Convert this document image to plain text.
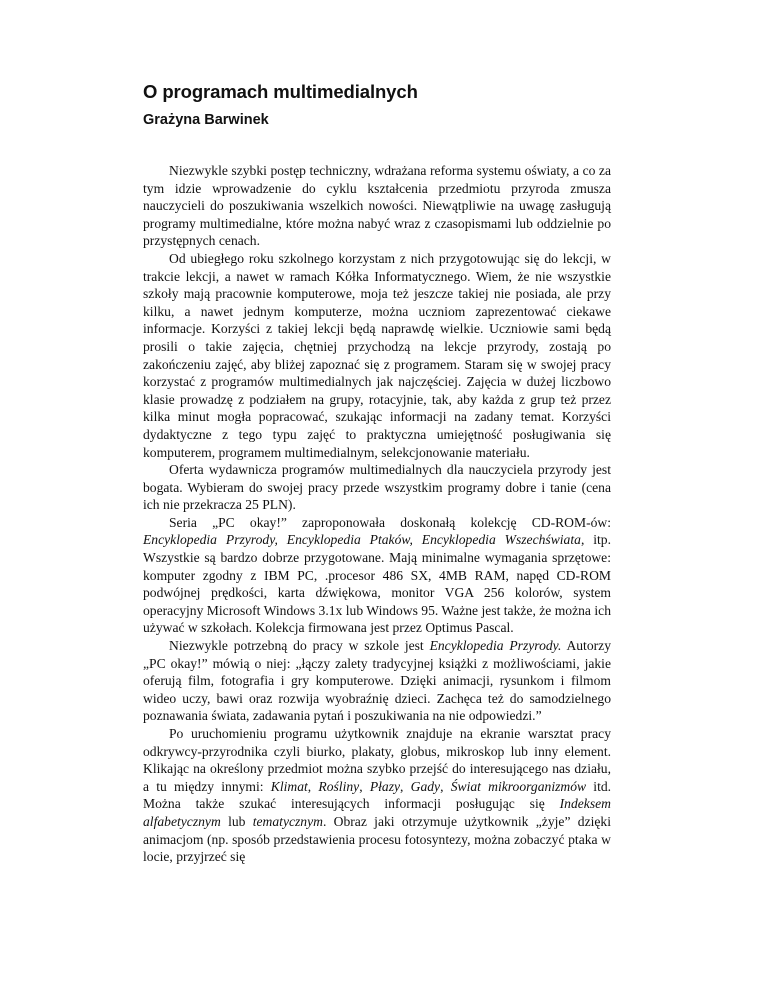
O programach multimedialnych
Grażyna Barwinek

Niezwykle szybki postęp techniczny, wdrażana reforma systemu oświaty, a co za tym idzie wprowadzenie do cyklu kształcenia przedmiotu przyroda zmusza nauczycieli do poszukiwania wszelkich nowości. Niewątpliwie na uwagę zasługują programy multimedialne, które można nabyć wraz z czasopismami lub oddzielnie po przystępnych cenach.

Od ubiegłego roku szkolnego korzystam z nich przygotowując się do lekcji, w trakcie lekcji, a nawet w ramach Kółka Informatycznego. Wiem, że nie wszystkie szkoły mają pracownie komputerowe, moja też jeszcze takiej nie posiada, ale przy kilku, a nawet jednym komputerze, można uczniom zaprezentować ciekawe informacje. Korzyści z takiej lekcji będą naprawdę wielkie. Uczniowie sami będą prosili o takie zajęcia, chętniej przychodzą na lekcje przyrody, zostają po zakończeniu zajęć, aby bliżej zapoznać się z programem. Staram się w swojej pracy korzystać z programów multimedialnych jak najczęściej. Zajęcia w dużej liczbowo klasie prowadzę z podziałem na grupy, rotacyjnie, tak, aby każda z grup też przez kilka minut mogła popracować, szukając informacji na zadany temat. Korzyści dydaktyczne z tego typu zajęć to praktyczna umiejętność posługiwania się komputerem, programem multimedialnym, selekcjonowanie materiału.

Oferta wydawnicza programów multimedialnych dla nauczyciela przyrody jest bogata. Wybieram do swojej pracy przede wszystkim programy dobre i tanie (cena ich nie przekracza 25 PLN).

Seria „PC okay!” zaproponowała doskonałą kolekcję CD-ROM-ów: Encyklopedia Przyrody, Encyklopedia Ptaków, Encyklopedia Wszechświata, itp. Wszystkie są bardzo dobrze przygotowane. Mają minimalne wymagania sprzętowe: komputer zgodny z IBM PC, .procesor 486 SX, 4MB RAM, napęd CD-ROM podwójnej prędkości, karta dźwiękowa, monitor VGA 256 kolorów, system operacyjny Microsoft Windows 3.1x lub Windows 95. Ważne jest także, że można ich używać w szkołach. Kolekcja firmowana jest przez Optimus Pascal.

Niezwykle potrzebną do pracy w szkole jest Encyklopedia Przyrody. Autorzy „PC okay!” mówią o niej: „łączy zalety tradycyjnej książki z możliwościami, jakie oferują film, fotografia i gry komputerowe. Dzięki animacji, rysunkom i filmom wideo uczy, bawi oraz rozwija wyobraźnię dzieci. Zachęca też do samodzielnego poznawania świata, zadawania pytań i poszukiwania na nie odpowiedzi.”

Po uruchomieniu programu użytkownik znajduje na ekranie warsztat pracy odkrywcy-przyrodnika czyli biurko, plakaty, globus, mikroskop lub inny element. Klikając na określony przedmiot można szybko przejść do interesującego nas działu, a tu między innymi: Klimat, Rośliny, Płazy, Gady, Świat mikroorganizmów itd. Można także szukać interesujących informacji posługując się Indeksem alfabetycznym lub tematycznym. Obraz jaki otrzymuje użytkownik „żyje” dzięki animacjom (np. sposób przedstawienia procesu fotosyntezy, można zobaczyć ptaka w locie, przyjrzeć się
